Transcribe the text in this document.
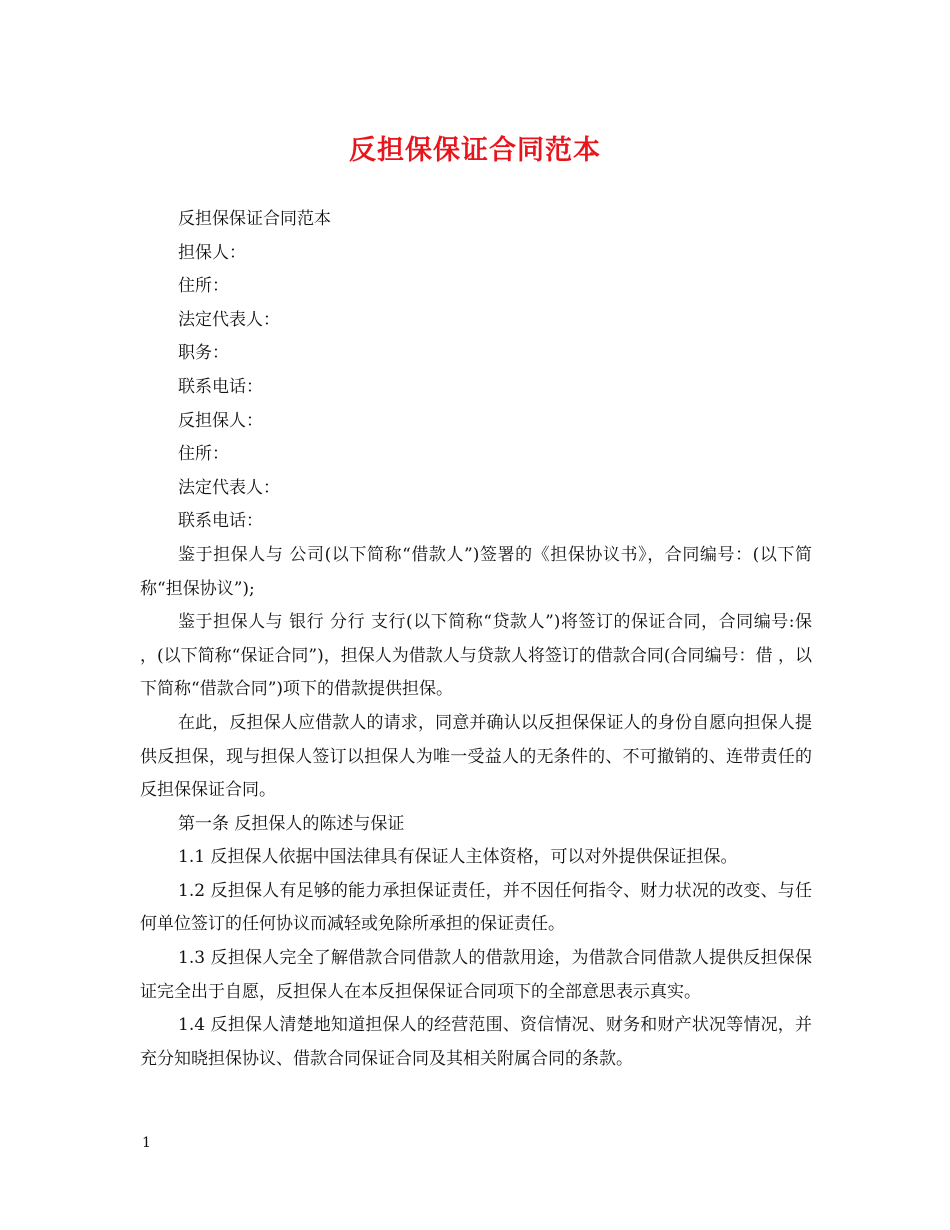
反担保保证合同范本
反担保保证合同范本
担保人：
住所：
法定代表人：
职务：
联系电话：
反担保人：
住所：
法定代表人：
联系电话：

鉴于担保人与 公司(以下简称“借款人”)签署的《担保协议书》，合同编号：(以下简称“担保协议”);

鉴于担保人与 银行 分行 支行(以下简称“贷款人”)将签订的保证合同，合同编号:保 ，(以下简称“保证合同”)，担保人为借款人与贷款人将签订的借款合同(合同编号：借 ，以下简称“借款合同”)项下的借款提供担保。

在此，反担保人应借款人的请求，同意并确认以反担保保证人的身份自愿向担保人提供反担保，现与担保人签订以担保人为唯一受益人的无条件的、不可撤销的、连带责任的反担保保证合同。

第一条 反担保人的陈述与保证

1.1 反担保人依据中国法律具有保证人主体资格，可以对外提供保证担保。

1.2 反担保人有足够的能力承担保证责任，并不因任何指令、财力状况的改变、与任何单位签订的任何协议而减轻或免除所承担的保证责任。

1.3 反担保人完全了解借款合同借款人的借款用途，为借款合同借款人提供反担保保证完全出于自愿，反担保人在本反担保保证合同项下的全部意思表示真实。

1.4 反担保人清楚地知道担保人的经营范围、资信情况、财务和财产状况等情况，并充分知晓担保协议、借款合同保证合同及其相关附属合同的条款。

1
